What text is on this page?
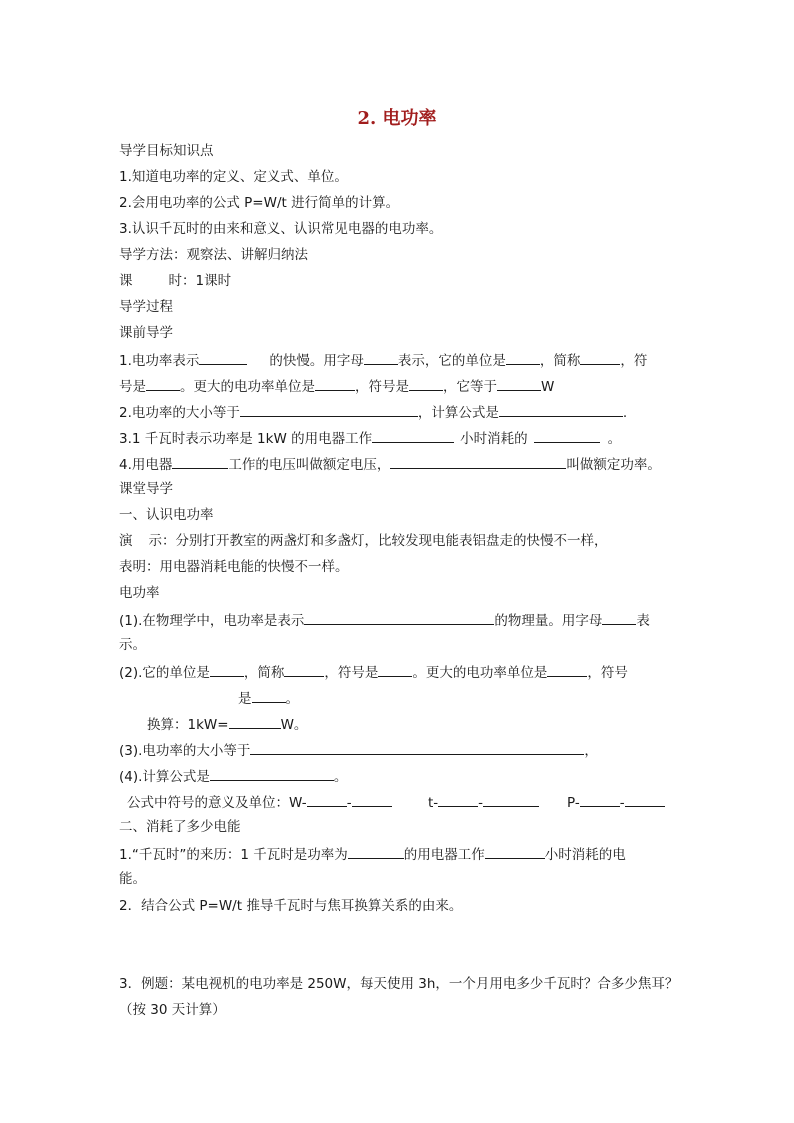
2. 电功率
导学目标知识点
1.知道电功率的定义、定义式、单位。
2.会用电功率的公式 P=W/t 进行简单的计算。
3.认识千瓦时的由来和意义、认识常见电器的电功率。
导学方法：观察法、讲解归纳法
课	时：1课时
导学过程
课前导学
1.电功率表示	的快慢。用字母	表示，它的单位是	，简称	，符
号是	。更大的电功率单位是	，符号是	，它等于	W
2.电功率的大小等于	，计算公式是	.
3.1 千瓦时表示功率是 1kW 的用电器工作	小时消耗的	。
4.用电器	工作的电压叫做额定电压，	叫做额定功率。
课堂导学
一、认识电功率
演 示：分别打开教室的两盏灯和多盏灯，比较发现电能表铝盘走的快慢不一样，
表明：用电器消耗电能的快慢不一样。
电功率
(1).在物理学中，电功率是表示	的物理量。用字母	表
示。
(2).它的单位是	，简称	，符号是	。更大的电功率单位是	，符号
是	。
换算：1kW=	W。
(3).电功率的大小等于	，
(4).计算公式是	。
公式中符号的意义及单位：W-	-	t-	-	P-	-
二、消耗了多少电能
1.“千瓦时”的来历：1 千瓦时是功率为	的用电器工作	小时消耗的电
能。
2．结合公式 P=W/t 推导千瓦时与焦耳换算关系的由来。
3．例题：某电视机的电功率是 250W，每天使用 3h，一个月用电多少千瓦时？合多少焦耳？
（按 30 天计算）
